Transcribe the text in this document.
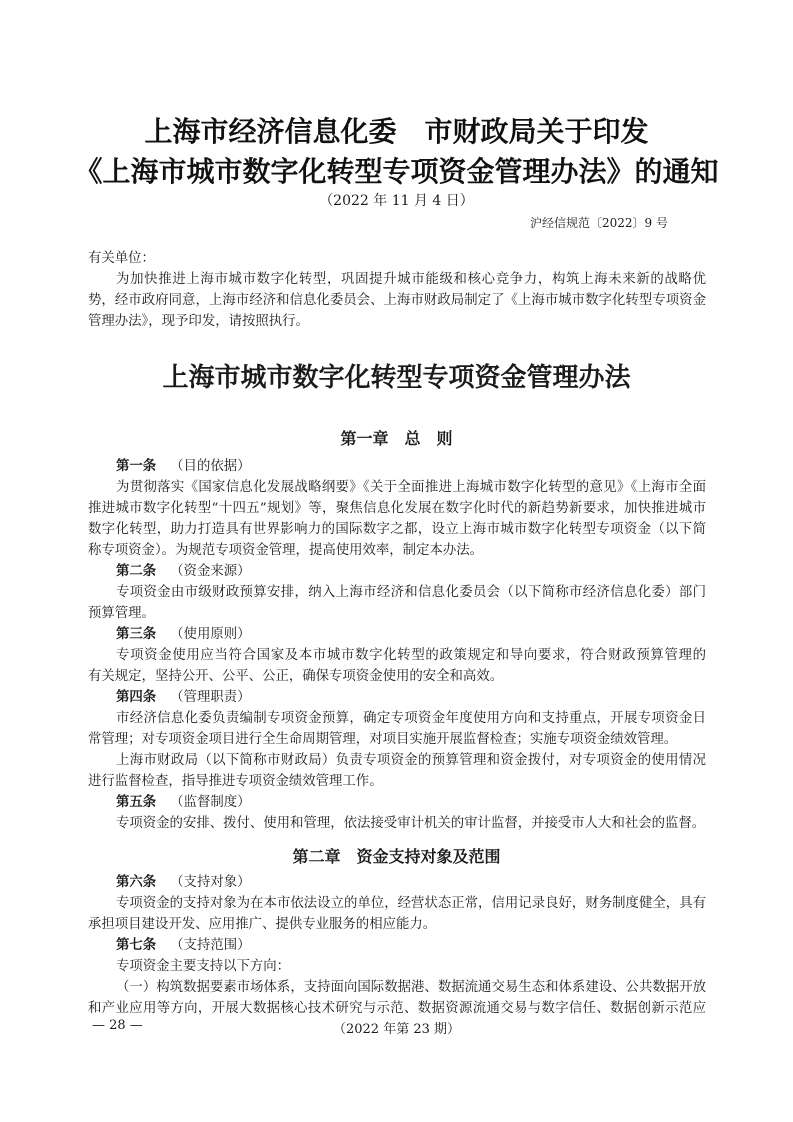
上海市经济信息化委　市财政局关于印发
《上海市城市数字化转型专项资金管理办法》的通知
（2022 年 11 月 4 日）
沪经信规范〔2022〕9 号
有关单位：
为加快推进上海市城市数字化转型，巩固提升城市能级和核心竞争力，构筑上海未来新的战略优
势，经市政府同意，上海市经济和信息化委员会、上海市财政局制定了《上海市城市数字化转型专项资金
管理办法》，现予印发，请按照执行。
上海市城市数字化转型专项资金管理办法
第一章　总　则
第一条 （目的依据）
为贯彻落实《国家信息化发展战略纲要》《关于全面推进上海城市数字化转型的意见》《上海市全面
推进城市数字化转型“十四五”规划》等，聚焦信息化发展在数字化时代的新趋势新要求，加快推进城市
数字化转型，助力打造具有世界影响力的国际数字之都，设立上海市城市数字化转型专项资金（以下简
称专项资金）。为规范专项资金管理，提高使用效率，制定本办法。
第二条 （资金来源）
专项资金由市级财政预算安排，纳入上海市经济和信息化委员会（以下简称市经济信息化委）部门
预算管理。
第三条 （使用原则）
专项资金使用应当符合国家及本市城市数字化转型的政策规定和导向要求，符合财政预算管理的
有关规定，坚持公开、公平、公正，确保专项资金使用的安全和高效。
第四条 （管理职责）
市经济信息化委负责编制专项资金预算，确定专项资金年度使用方向和支持重点，开展专项资金日
常管理；对专项资金项目进行全生命周期管理，对项目实施开展监督检查；实施专项资金绩效管理。
上海市财政局（以下简称市财政局）负责专项资金的预算管理和资金拨付，对专项资金的使用情况
进行监督检查，指导推进专项资金绩效管理工作。
第五条 （监督制度）
专项资金的安排、拨付、使用和管理，依法接受审计机关的审计监督，并接受市人大和社会的监督。
第二章　资金支持对象及范围
第六条 （支持对象）
专项资金的支持对象为在本市依法设立的单位，经营状态正常，信用记录良好，财务制度健全，具有
承担项目建设开发、应用推广、提供专业服务的相应能力。
第七条 （支持范围）
专项资金主要支持以下方向：
（一）构筑数据要素市场体系，支持面向国际数据港、数据流通交易生态和体系建设、公共数据开放
和产业应用等方向，开展大数据核心技术研究与示范、数据资源流通交易与数字信任、数据创新示范应
— 28 —	（2022 年第 23 期）
